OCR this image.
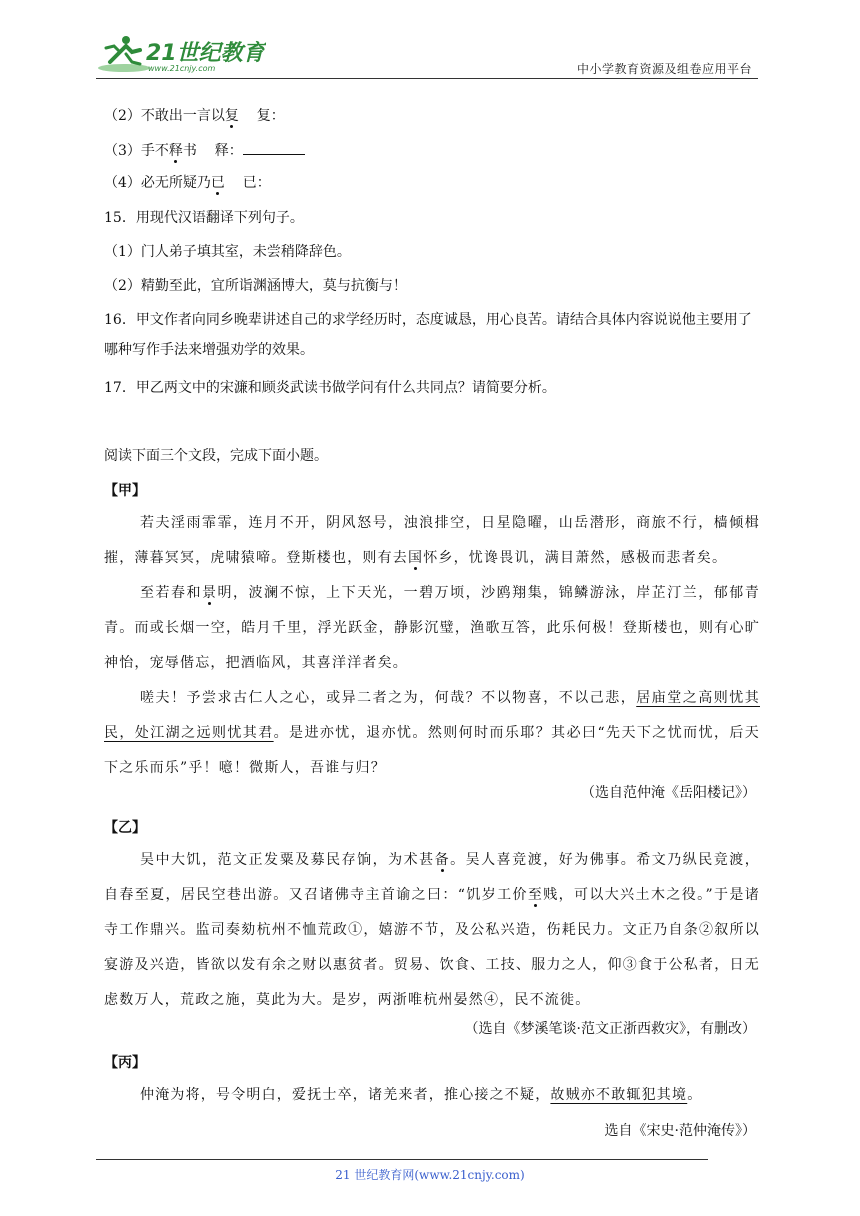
21世纪教育
www.21cnjy.com	中小学教育资源及组卷应用平台
（2）不敢出一言以复    复：
（3）手不释书    释：
（4）必无所疑乃已    已：
15．用现代汉语翻译下列句子。
（1）门人弟子填其室，未尝稍降辞色。
（2）精勤至此，宜所诣渊涵博大，莫与抗衡与！
16．甲文作者向同乡晚辈讲述自己的求学经历时，态度诚恳，用心良苦。请结合具体内容说说他主要用了哪种写作手法来增强劝学的效果。
17．甲乙两文中的宋濂和顾炎武读书做学问有什么共同点？请简要分析。
阅读下面三个文段，完成下面小题。
【甲】
若夫淫雨霏霏，连月不开，阴风怒号，浊浪排空，日星隐曜，山岳潜形，商旅不行，樯倾楫摧，薄暮冥冥，虎啸猿啼。登斯楼也，则有去国怀乡，忧谗畏讥，满目萧然，感极而悲者矣。
至若春和景明，波澜不惊，上下天光，一碧万顷，沙鸥翔集，锦鳞游泳，岸芷汀兰，郁郁青青。而或长烟一空，皓月千里，浮光跃金，静影沉璧，渔歌互答，此乐何极！登斯楼也，则有心旷神怡，宠辱偕忘，把酒临风，其喜洋洋者矣。
嗟夫！予尝求古仁人之心，或异二者之为，何哉？不以物喜，不以己悲，居庙堂之高则忧其民，处江湖之远则忧其君。是进亦忧，退亦忧。然则何时而乐耶？其必曰“先天下之忧而忧，后天下之乐而乐”乎！噫！微斯人，吾谁与归？
（选自范仲淹《岳阳楼记》）
【乙】
吴中大饥，范文正发粟及募民存饷，为术甚备。吴人喜竞渡，好为佛事。希文乃纵民竞渡，自春至夏，居民空巷出游。又召诸佛寺主首谕之曰：“饥岁工价至贱，可以大兴土木之役。”于是诸寺工作鼎兴。监司奏劾杭州不恤荒政①，嬉游不节，及公私兴造，伤耗民力。文正乃自条②叙所以宴游及兴造，皆欲以发有余之财以惠贫者。贸易、饮食、工技、服力之人，仰③食于公私者，日无虑数万人，荒政之施，莫此为大。是岁，两浙唯杭州晏然④，民不流徙。
（选自《梦溪笔谈·范文正浙西救灾》，有删改）
【丙】
仲淹为将，号令明白，爱抚士卒，诸羌来者，推心接之不疑，故贼亦不敢辄犯其境。
选自《宋史·范仲淹传》）
21 世纪教育网(www.21cnjy.com)
